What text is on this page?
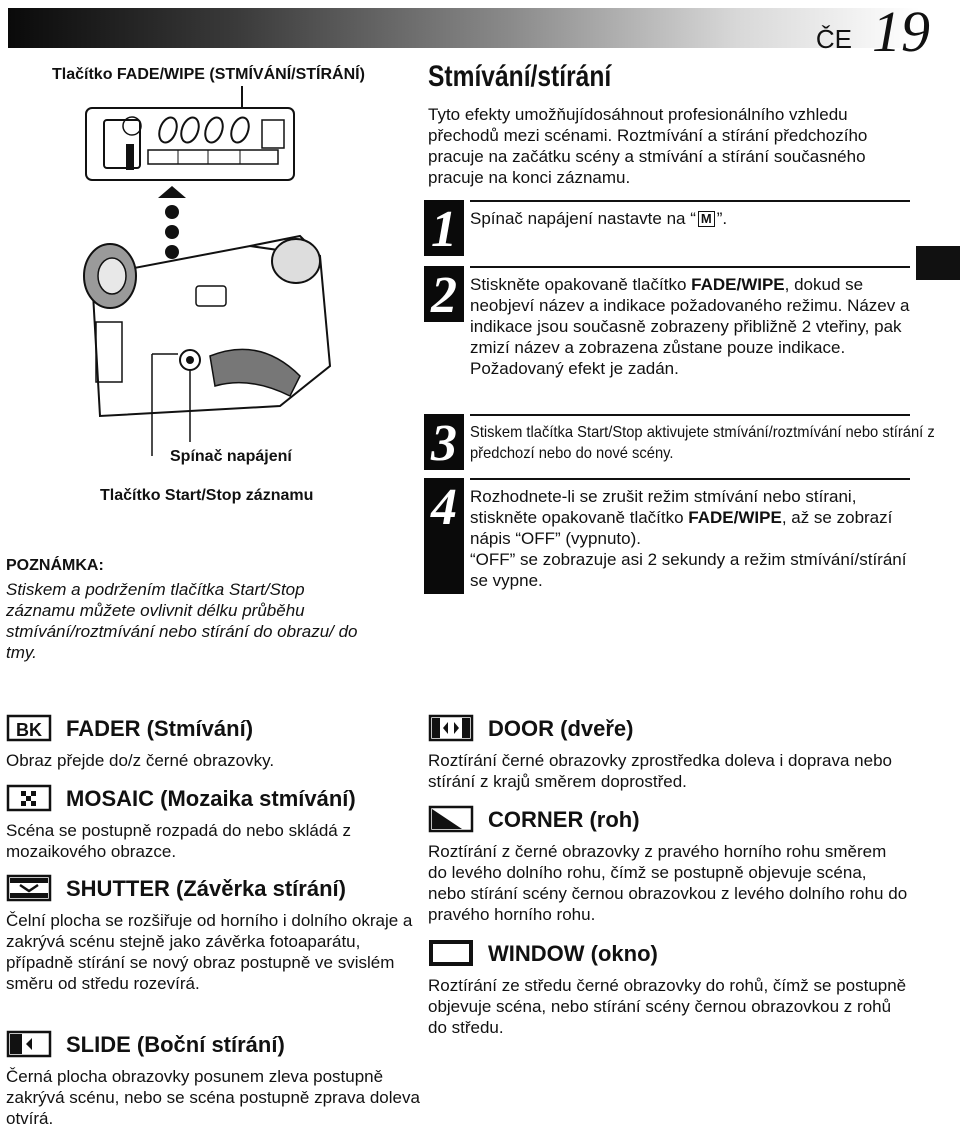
ČE 19
Tlačítko FADE/WIPE (STMÍVÁNÍ/STÍRÁNÍ)
Spínač napájení
Tlačítko Start/Stop záznamu
POZNÁMKA:
Stiskem a podržením tlačítka Start/Stop záznamu můžete ovlivnit délku průběhu stmívání/roztmívání nebo stírání do obrazu/ do tmy.
Stmívání/stírání
Tyto efekty umožňujídosáhnout profesionálního vzhledu přechodů mezi scénami. Roztmívání a stírání předchozího pracuje na začátku scény a stmívání a stírání současného pracuje na konci záznamu.
1 Spínač napájení nastavte na “ M ”.
2 Stiskněte opakovaně tlačítko FADE/WIPE, dokud se neobjeví název a indikace požadovaného režimu. Název a indikace jsou současně zobrazeny přibližně 2 vteřiny, pak zmizí název a zobrazena zůstane pouze indikace.
Požadovaný efekt je zadán.
3 Stiskem tlačítka Start/Stop aktivujete stmívání/roztmívání nebo stírání z předchozí nebo do nové scény.
4 Rozhodnete-li se zrušit režim stmívání nebo stírani, stiskněte opakovaně tlačítko FADE/WIPE, až se zobrazí nápis “OFF” (vypnuto).
“OFF” se zobrazuje asi 2 sekundy a režim stmívání/stírání se vypne.
BK FADER (Stmívání)
Obraz přejde do/z černé obrazovky.
MOSAIC (Mozaika stmívání)
Scéna se postupně rozpadá do nebo skládá z mozaikového obrazce.
SHUTTER (Závěrka stírání)
Čelní plocha se rozšiřuje od horního i dolního okraje a zakrývá scénu stejně jako závěrka fotoaparátu, případně stírání se nový obraz postupně ve svislém směru od středu rozevírá.
SLIDE (Boční stírání)
Černá plocha obrazovky posunem zleva postupně zakrývá scénu, nebo se scéna postupně zprava doleva otvírá.
DOOR (dveře)
Roztírání černé obrazovky zprostředka doleva i doprava nebo stírání z krajů směrem doprostřed.
CORNER (roh)
Roztírání z černé obrazovky z pravého horního rohu směrem do levého dolního rohu, čímž se postupně objevuje scéna, nebo stírání scény černou obrazovkou z levého dolního rohu do pravého horního rohu.
WINDOW (okno)
Roztírání ze středu černé obrazovky do rohů, čímž se postupně objevuje scéna, nebo stírání scény černou obrazovkou z rohů do středu.
